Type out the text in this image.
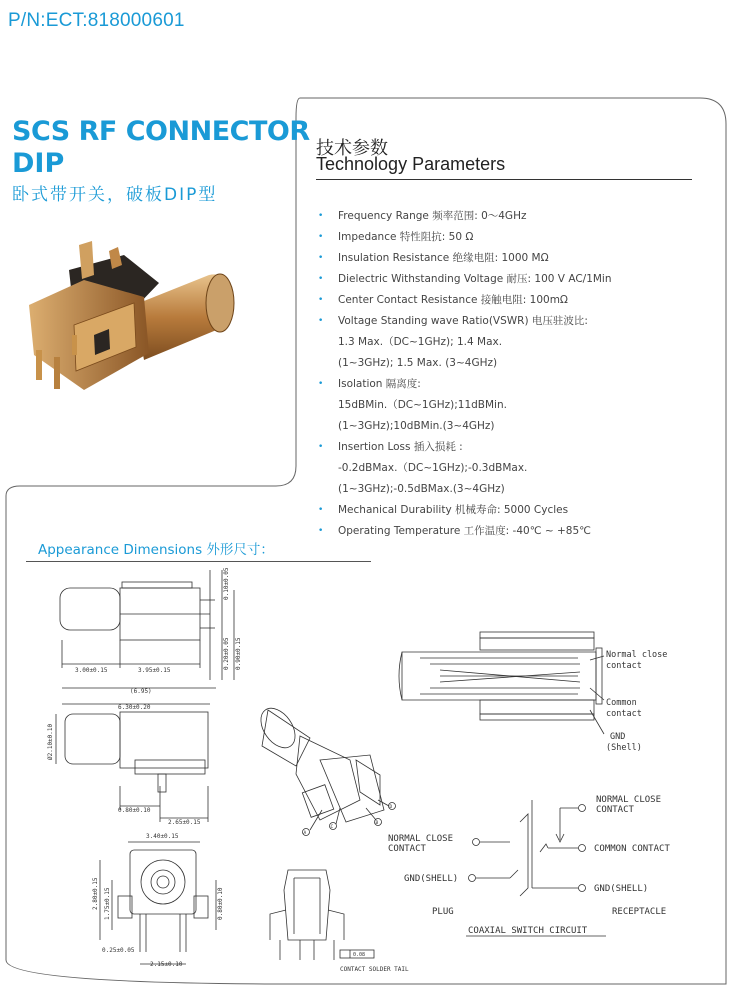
P/N:ECT:818000601
SCS RF CONNECTOR
DIP
卧式带开关，破板DIP型
技术参数
Technology Parameters
• Frequency Range 频率范围: 0～4GHz
• Impedance 特性阻抗: 50 Ω
• Insulation Resistance 绝缘电阻: 1000 MΩ
• Dielectric Withstanding Voltage 耐压: 100 V AC/1Min
• Center Contact Resistance 接触电阻: 100mΩ
• Voltage Standing wave Ratio(VSWR) 电压驻波比:
1.3 Max.（DC~1GHz); 1.4 Max.
(1~3GHz); 1.5 Max. (3~4GHz)
• Isolation 隔离度:
15dBMin.（DC~1GHz);11dBMin.
(1~3GHz);10dBMin.(3~4GHz)
• Insertion Loss 插入损耗 :
-0.2dBMax.（DC~1GHz);-0.3dBMax.
(1~3GHz);-0.5dBMax.(3~4GHz)
• Mechanical Durability 机械寿命: 5000 Cycles
• Operating Temperature 工作温度: -40℃ ~ +85℃
Appearance Dimensions 外形尺寸：
3.00±0.15	3.95±0.15
0.10±0.05
0.20±0.05 0.90±0.15
(6.95)
6.30±0.20
Ø2.10±0.10
0.80±0.10
2.65±0.15
3.40±0.15
2.80±0.15 1.75±0.15	0.80±0.10
0.25±0.05
2.15±0.10
A
C
B
D
Normal close
contact
Common
contact
GND
(Shell)
0.08
CONTACT SOLDER TAIL
NORMAL CLOSE
CONTACT
COMMON CONTACT
GND(SHELL)
NORMAL CLOSE
CONTACT
GND(SHELL)
PLUG	RECEPTACLE
COAXIAL SWITCH CIRCUIT
